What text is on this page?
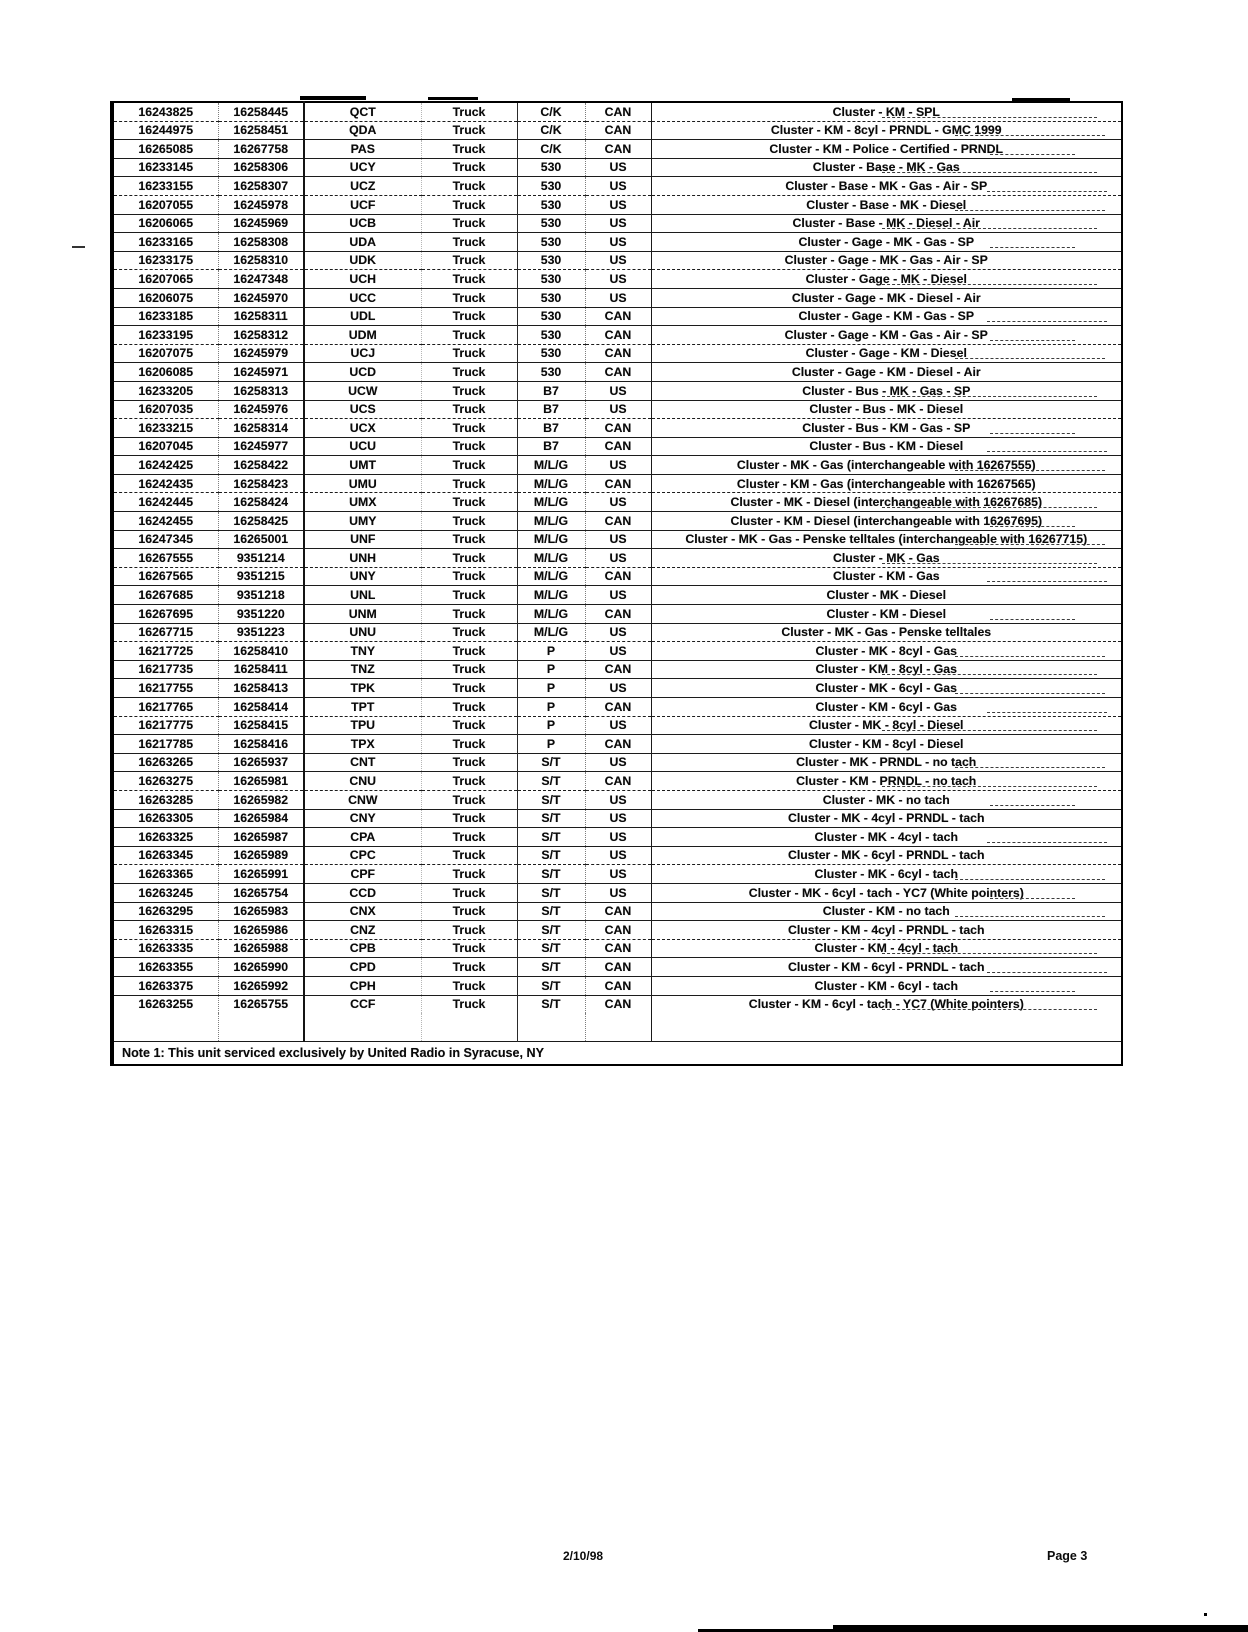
16243825	16258445	QCT	Truck	C/K	CAN	Cluster - KM - SPL
16244975	16258451	QDA	Truck	C/K	CAN	Cluster - KM - 8cyl - PRNDL - GMC 1999
16265085	16267758	PAS	Truck	C/K	CAN	Cluster - KM - Police - Certified - PRNDL
16233145	16258306	UCY	Truck	530	US	Cluster - Base - MK - Gas
16233155	16258307	UCZ	Truck	530	US	Cluster - Base - MK - Gas - Air - SP
16207055	16245978	UCF	Truck	530	US	Cluster - Base - MK - Diesel
16206065	16245969	UCB	Truck	530	US	Cluster - Base - MK - Diesel - Air
16233165	16258308	UDA	Truck	530	US	Cluster - Gage - MK - Gas - SP
16233175	16258310	UDK	Truck	530	US	Cluster - Gage - MK - Gas - Air - SP
16207065	16247348	UCH	Truck	530	US	Cluster - Gage - MK - Diesel
16206075	16245970	UCC	Truck	530	US	Cluster - Gage - MK - Diesel - Air
16233185	16258311	UDL	Truck	530	CAN	Cluster - Gage - KM - Gas - SP
16233195	16258312	UDM	Truck	530	CAN	Cluster - Gage - KM - Gas - Air - SP
16207075	16245979	UCJ	Truck	530	CAN	Cluster - Gage - KM - Diesel
16206085	16245971	UCD	Truck	530	CAN	Cluster - Gage - KM - Diesel - Air
16233205	16258313	UCW	Truck	B7	US	Cluster - Bus - MK - Gas - SP
16207035	16245976	UCS	Truck	B7	US	Cluster - Bus - MK - Diesel
16233215	16258314	UCX	Truck	B7	CAN	Cluster - Bus - KM - Gas - SP
16207045	16245977	UCU	Truck	B7	CAN	Cluster - Bus - KM - Diesel
16242425	16258422	UMT	Truck	M/L/G	US	Cluster - MK - Gas (interchangeable with 16267555)
16242435	16258423	UMU	Truck	M/L/G	CAN	Cluster - KM - Gas (interchangeable with 16267565)
16242445	16258424	UMX	Truck	M/L/G	US	Cluster - MK - Diesel (interchangeable with 16267685)
16242455	16258425	UMY	Truck	M/L/G	CAN	Cluster - KM - Diesel (interchangeable with 16267695)
16247345	16265001	UNF	Truck	M/L/G	US	Cluster - MK - Gas - Penske telltales (interchangeable with 16267715)
16267555	9351214	UNH	Truck	M/L/G	US	Cluster - MK - Gas
16267565	9351215	UNY	Truck	M/L/G	CAN	Cluster - KM - Gas
16267685	9351218	UNL	Truck	M/L/G	US	Cluster - MK - Diesel
16267695	9351220	UNM	Truck	M/L/G	CAN	Cluster - KM - Diesel
16267715	9351223	UNU	Truck	M/L/G	US	Cluster - MK - Gas - Penske telltales
16217725	16258410	TNY	Truck	P	US	Cluster - MK - 8cyl - Gas
16217735	16258411	TNZ	Truck	P	CAN	Cluster - KM - 8cyl - Gas
16217755	16258413	TPK	Truck	P	US	Cluster - MK - 6cyl - Gas
16217765	16258414	TPT	Truck	P	CAN	Cluster - KM - 6cyl - Gas
16217775	16258415	TPU	Truck	P	US	Cluster - MK - 8cyl - Diesel
16217785	16258416	TPX	Truck	P	CAN	Cluster - KM - 8cyl - Diesel
16263265	16265937	CNT	Truck	S/T	US	Cluster - MK - PRNDL - no tach
16263275	16265981	CNU	Truck	S/T	CAN	Cluster - KM - PRNDL - no tach
16263285	16265982	CNW	Truck	S/T	US	Cluster - MK - no tach
16263305	16265984	CNY	Truck	S/T	US	Cluster - MK - 4cyl - PRNDL - tach
16263325	16265987	CPA	Truck	S/T	US	Cluster - MK - 4cyl - tach
16263345	16265989	CPC	Truck	S/T	US	Cluster - MK - 6cyl - PRNDL - tach
16263365	16265991	CPF	Truck	S/T	US	Cluster - MK - 6cyl - tach
16263245	16265754	CCD	Truck	S/T	US	Cluster - MK - 6cyl - tach - YC7 (White pointers)
16263295	16265983	CNX	Truck	S/T	CAN	Cluster - KM - no tach
16263315	16265986	CNZ	Truck	S/T	CAN	Cluster - KM - 4cyl - PRNDL - tach
16263335	16265988	CPB	Truck	S/T	CAN	Cluster - KM - 4cyl - tach
16263355	16265990	CPD	Truck	S/T	CAN	Cluster - KM - 6cyl - PRNDL - tach
16263375	16265992	CPH	Truck	S/T	CAN	Cluster - KM - 6cyl - tach
16263255	16265755	CCF	Truck	S/T	CAN	Cluster - KM - 6cyl - tach - YC7 (White pointers)

Note 1: This unit serviced exclusively by United Radio in Syracuse, NY						
2/10/98	Page 3
